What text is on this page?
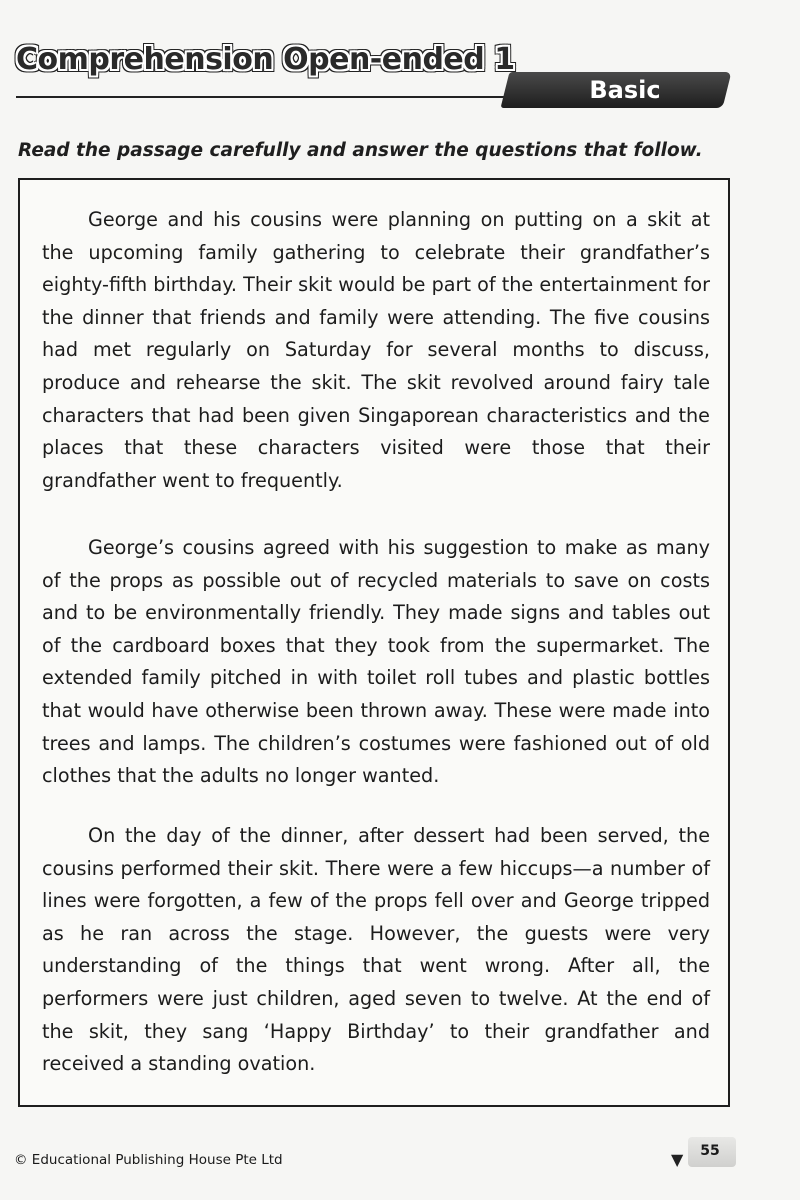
Comprehension Open-ended 1
Basic
Read the passage carefully and answer the questions that follow.

George and his cousins were planning on putting on a skit at the upcoming family gathering to celebrate their grandfather’s eighty-fifth birthday. Their skit would be part of the entertainment for the dinner that friends and family were attending. The five cousins had met regularly on Saturday for several months to discuss, produce and rehearse the skit. The skit revolved around fairy tale characters that had been given Singaporean characteristics and the places that these characters visited were those that their grandfather went to frequently.

George’s cousins agreed with his suggestion to make as many of the props as possible out of recycled materials to save on costs and to be environmentally friendly. They made signs and tables out of the cardboard boxes that they took from the supermarket. The extended family pitched in with toilet roll tubes and plastic bottles that would have otherwise been thrown away. These were made into trees and lamps. The children’s costumes were fashioned out of old clothes that the adults no longer wanted.

On the day of the dinner, after dessert had been served, the cousins performed their skit. There were a few hiccups—a number of lines were forgotten, a few of the props fell over and George tripped as he ran across the stage. However, the guests were very understanding of the things that went wrong. After all, the performers were just children, aged seven to twelve. At the end of the skit, they sang ‘Happy Birthday’ to their grandfather and received a standing ovation.

© Educational Publishing House Pte Ltd	▼	55
